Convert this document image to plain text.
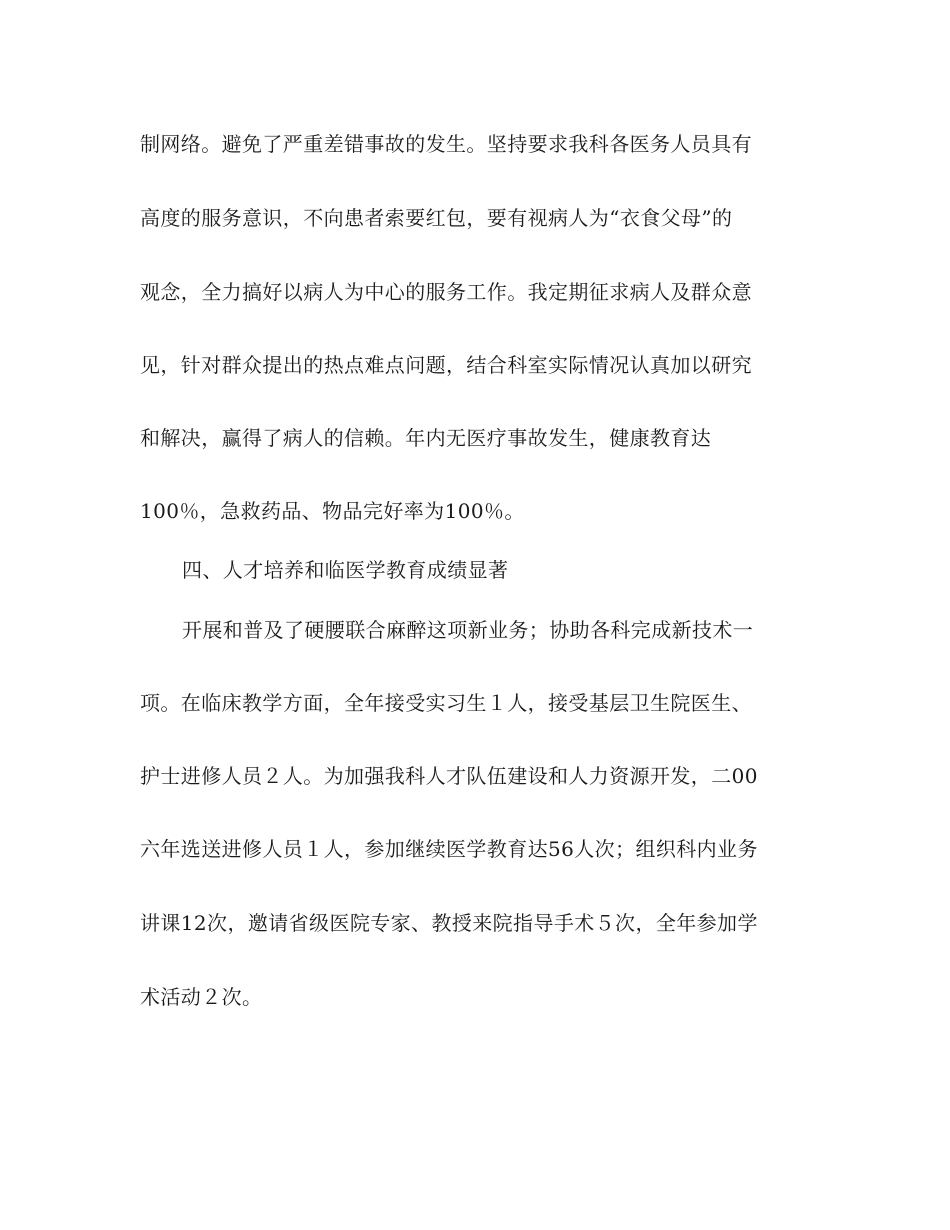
制网络。避免了严重差错事故的发生。坚持要求我科各医务人员具有
高度的服务意识，不向患者索要红包，要有视病人为“衣食父母”的
观念，全力搞好以病人为中心的服务工作。我定期征求病人及群众意
见，针对群众提出的热点难点问题，结合科室实际情况认真加以研究
和解决，赢得了病人的信赖。年内无医疗事故发生，健康教育达
100％，急救药品、物品完好率为100％。
四、人才培养和临医学教育成绩显著
开展和普及了硬腰联合麻醉这项新业务；协助各科完成新技术一
项。在临床教学方面，全年接受实习生１人，接受基层卫生院医生、
护士进修人员２人。为加强我科人才队伍建设和人力资源开发，二00
六年选送进修人员１人，参加继续医学教育达56人次；组织科内业务
讲课12次，邀请省级医院专家、教授来院指导手术５次，全年参加学
术活动２次。
